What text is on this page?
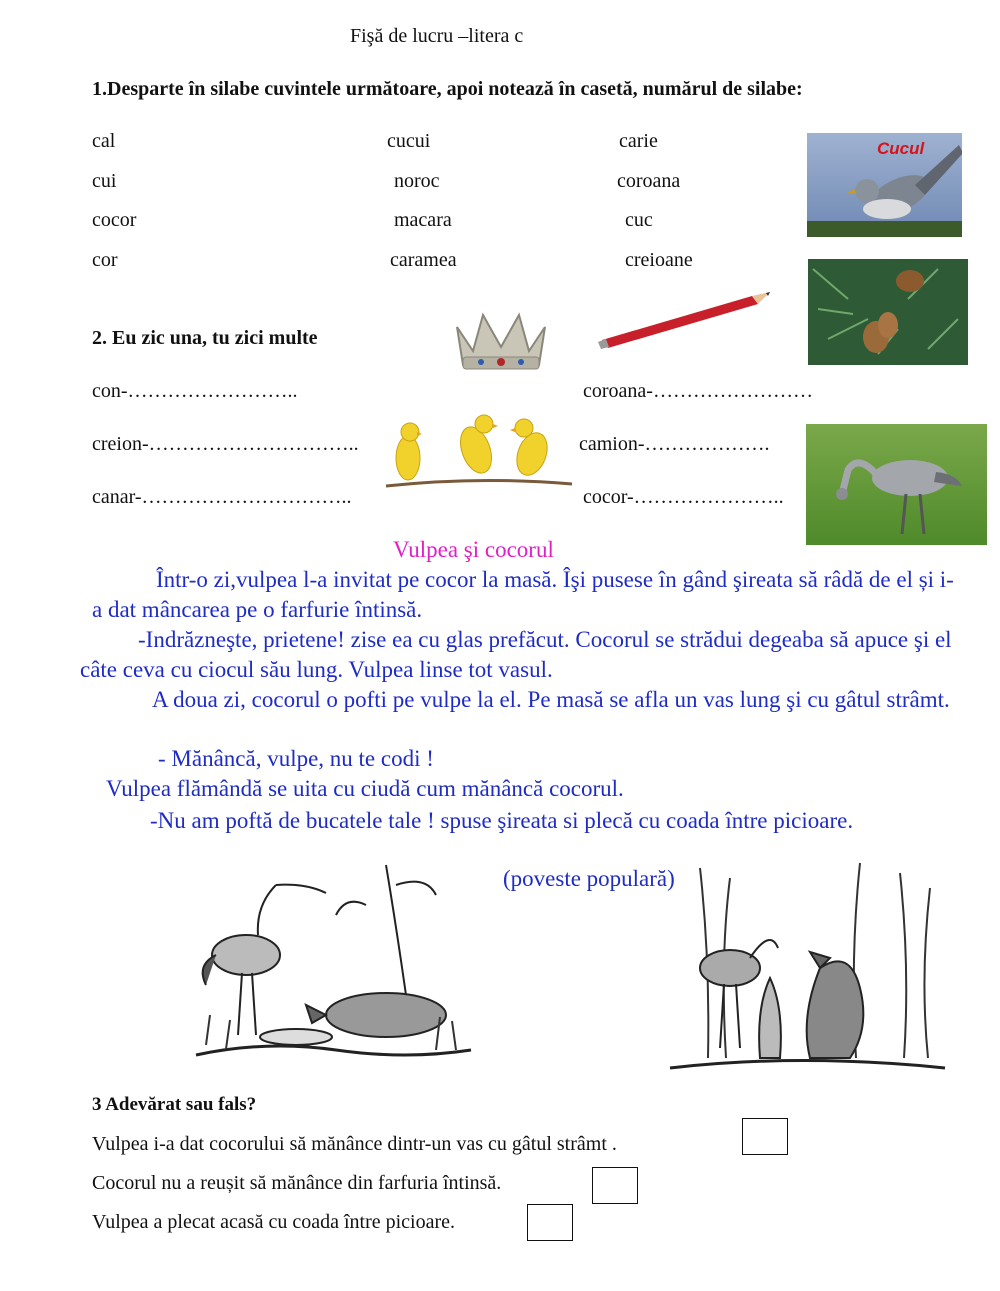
Fişă de lucru –litera c
1.Desparte în silabe cuvintele următoare, apoi notează în casetă, numărul de silabe:
cal
cui
cocor
cor
cucui
noroc
macara
caramea
carie
coroana
cuc
creioane
Cucul
2. Eu zic una, tu zici multe
con-……………………..
creion-…………………………..
canar-…………………………..
coroana-……………………
camion-……………….
cocor-…………………..
Vulpea şi cocorul
Într-o zi,vulpea l-a invitat pe cocor la masă. Îşi pusese în gând şireata să râdă de el și i-a dat mâncarea pe o farfurie întinsă.
-Indrăzneşte, prietene! zise ea cu glas prefăcut. Cocorul se strădui degeaba să apuce şi el câte ceva cu ciocul său lung. Vulpea linse tot vasul.
A doua zi, cocorul o pofti pe vulpe la el. Pe masă se afla un vas lung şi cu gâtul strâmt.
- Mănâncă, vulpe, nu te codi !
Vulpea flămândă se uita cu ciudă cum mănâncă cocorul.
-Nu am poftă de bucatele tale ! spuse şireata si plecă cu coada între picioare.
(poveste populară)
3 Adevărat sau fals?
Vulpea i-a dat cocorului să mănânce dintr-un vas cu gâtul strâmt .
Cocorul nu a reușit să mănânce din farfuria întinsă.
Vulpea a plecat acasă cu coada între picioare.
